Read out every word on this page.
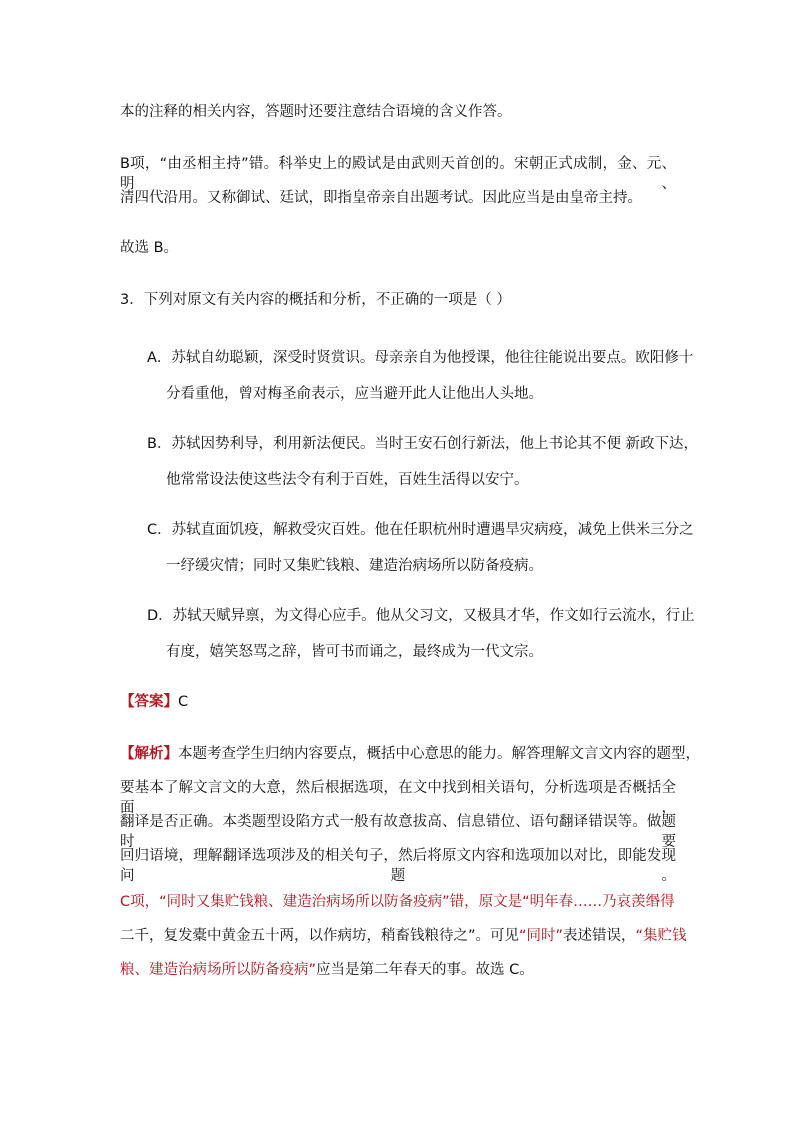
本的注释的相关内容，答题时还要注意结合语境的含义作答。
B项，“由丞相主持”错。科举史上的殿试是由武则天首创的。宋朝正式成制，金、元、明、
清四代沿用。又称御试、廷试，即指皇帝亲自出题考试。因此应当是由皇帝主持。
故选 B。
3．下列对原文有关内容的概括和分析，不正确的一项是（ ）
A．苏轼自幼聪颖，深受时贤赏识。母亲亲自为他授课，他往往能说出要点。欧阳修十
分看重他，曾对梅圣俞表示，应当避开此人让他出人头地。
B．苏轼因势利导，利用新法便民。当时王安石创行新法，他上书论其不便 新政下达，
他常常设法使这些法令有利于百姓，百姓生活得以安宁。
C．苏轼直面饥疫，解救受灾百姓。他在任职杭州时遭遇旱灾病疫，减免上供米三分之
一纾缓灾情；同时又集贮钱粮、建造治病场所以防备疫病。
D．苏轼天赋异禀，为文得心应手。他从父习文，又极具才华，作文如行云流水，行止
有度，嬉笑怒骂之辞，皆可书而诵之，最终成为一代文宗。
【答案】C
【解析】本题考查学生归纳内容要点，概括中心意思的能力。解答理解文言文内容的题型，
要基本了解文言文的大意，然后根据选项，在文中找到相关语句，分析选项是否概括全面，
翻译是否正确。本类题型设陷方式一般有故意拔高、信息错位、语句翻译错误等。做题时要
回归语境，理解翻译选项涉及的相关句子，然后将原文内容和选项加以对比，即能发现问题。
C项，“同时又集贮钱粮、建造治病场所以防备疫病”错，原文是“明年春……乃哀羡缗得
二千，复发橐中黄金五十两，以作病坊，稍畜钱粮待之”。可见“同时”表述错误，“集贮钱
粮、建造治病场所以防备疫病”应当是第二年春天的事。故选 C。
